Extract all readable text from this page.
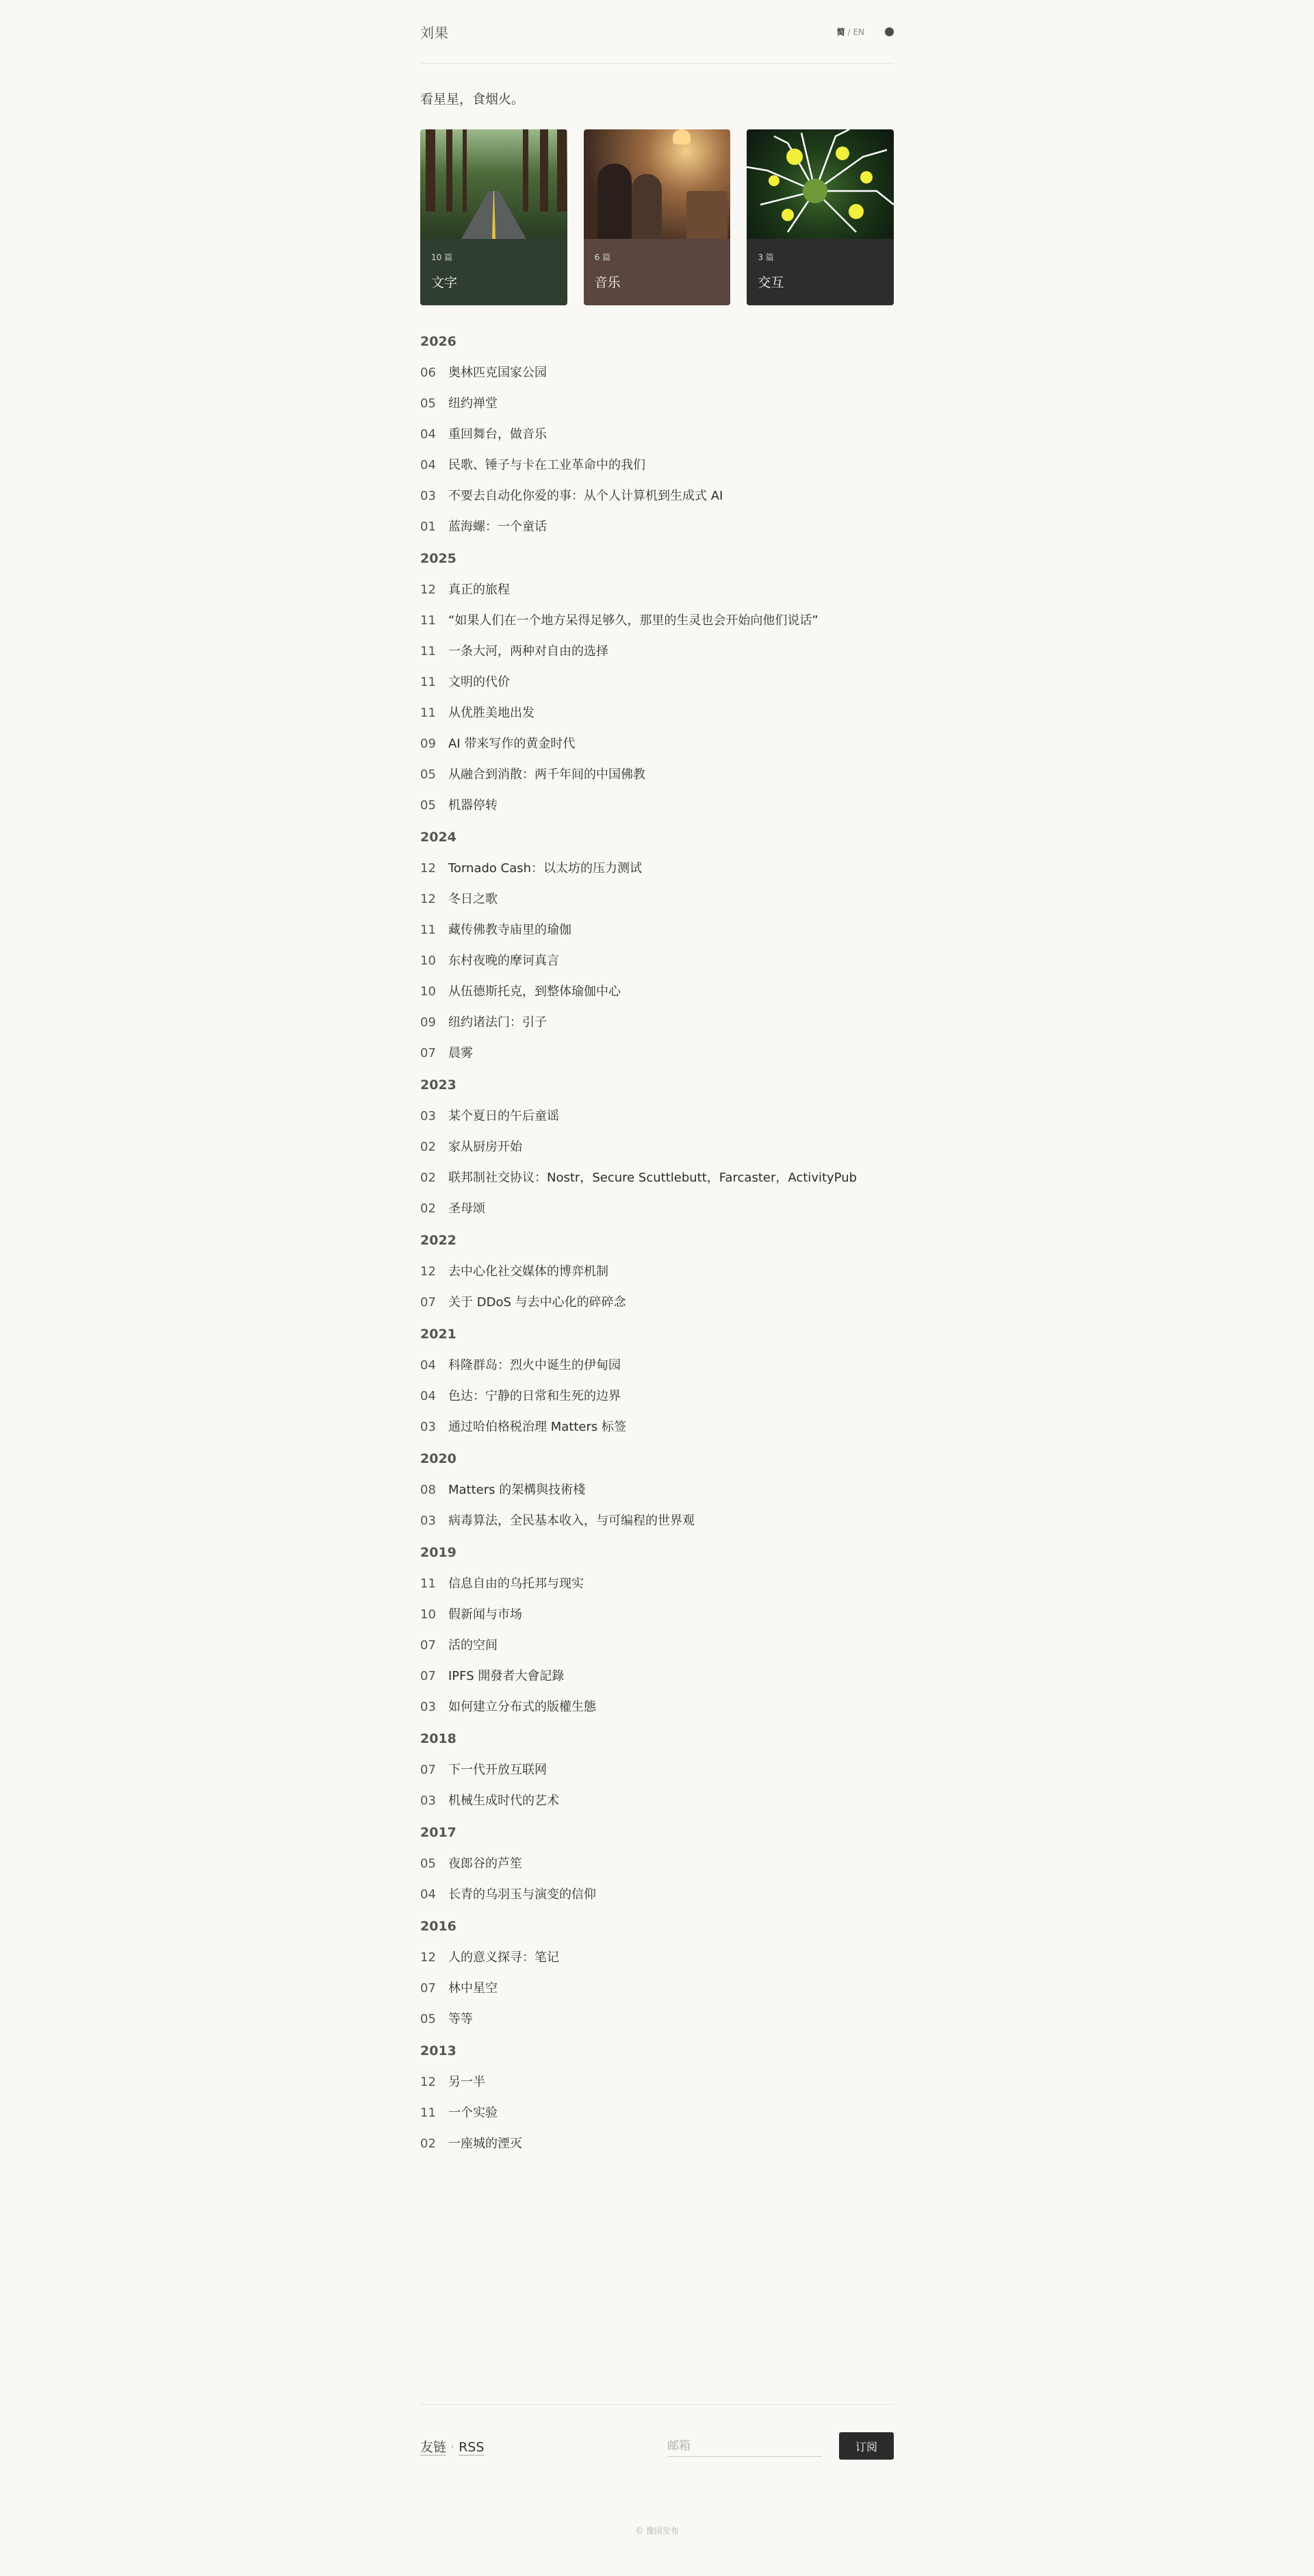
刘果	简 / EN

看星星，食烟火。

10 篇
文字
6 篇
音乐
3 篇
交互
2026
06	奥林匹克国家公园
05	纽约禅堂
04	重回舞台，做音乐
04	民歌、锤子与卡在工业革命中的我们
03	不要去自动化你爱的事：从个人计算机到生成式 AI
01	蓝海螺：一个童话
2025
12	真正的旅程
11	“如果人们在一个地方呆得足够久，那里的生灵也会开始向他们说话”
11	一条大河，两种对自由的选择
11	文明的代价
11	从优胜美地出发
09	AI 带来写作的黄金时代
05	从融合到消散：两千年间的中国佛教
05	机器停转
2024
12	Tornado Cash：以太坊的压力测试
12	冬日之歌
11	藏传佛教寺庙里的瑜伽
10	东村夜晚的摩诃真言
10	从伍德斯托克，到整体瑜伽中心
09	纽约诸法门：引子
07	晨雾
2023
03	某个夏日的午后童谣
02	家从厨房开始
02	联邦制社交协议：Nostr，Secure Scuttlebutt，Farcaster，ActivityPub
02	圣母颂
2022
12	去中心化社交媒体的博弈机制
07	关于 DDoS 与去中心化的碎碎念
2021
04	科隆群岛：烈火中诞生的伊甸园
04	色达：宁静的日常和生死的边界
03	通过哈伯格税治理 Matters 标签
2020
08	Matters 的架構與技術棧
03	病毒算法，全民基本收入，与可编程的世界观
2019
11	信息自由的乌托邦与现实
10	假新闻与市场
07	活的空间
07	IPFS 開發者大會記錄
03	如何建立分布式的版權生態
2018
07	下一代开放互联网
03	机械生成时代的艺术
2017
05	夜郎谷的芦笙
04	长青的乌羽玉与演变的信仰
2016
12	人的意义探寻：笔记
07	林中星空
05	等等
2013
12	另一半
11	一个实验
02	一座城的湮灭
友链 · RSS
邮箱	订阅
© 豫园发布
